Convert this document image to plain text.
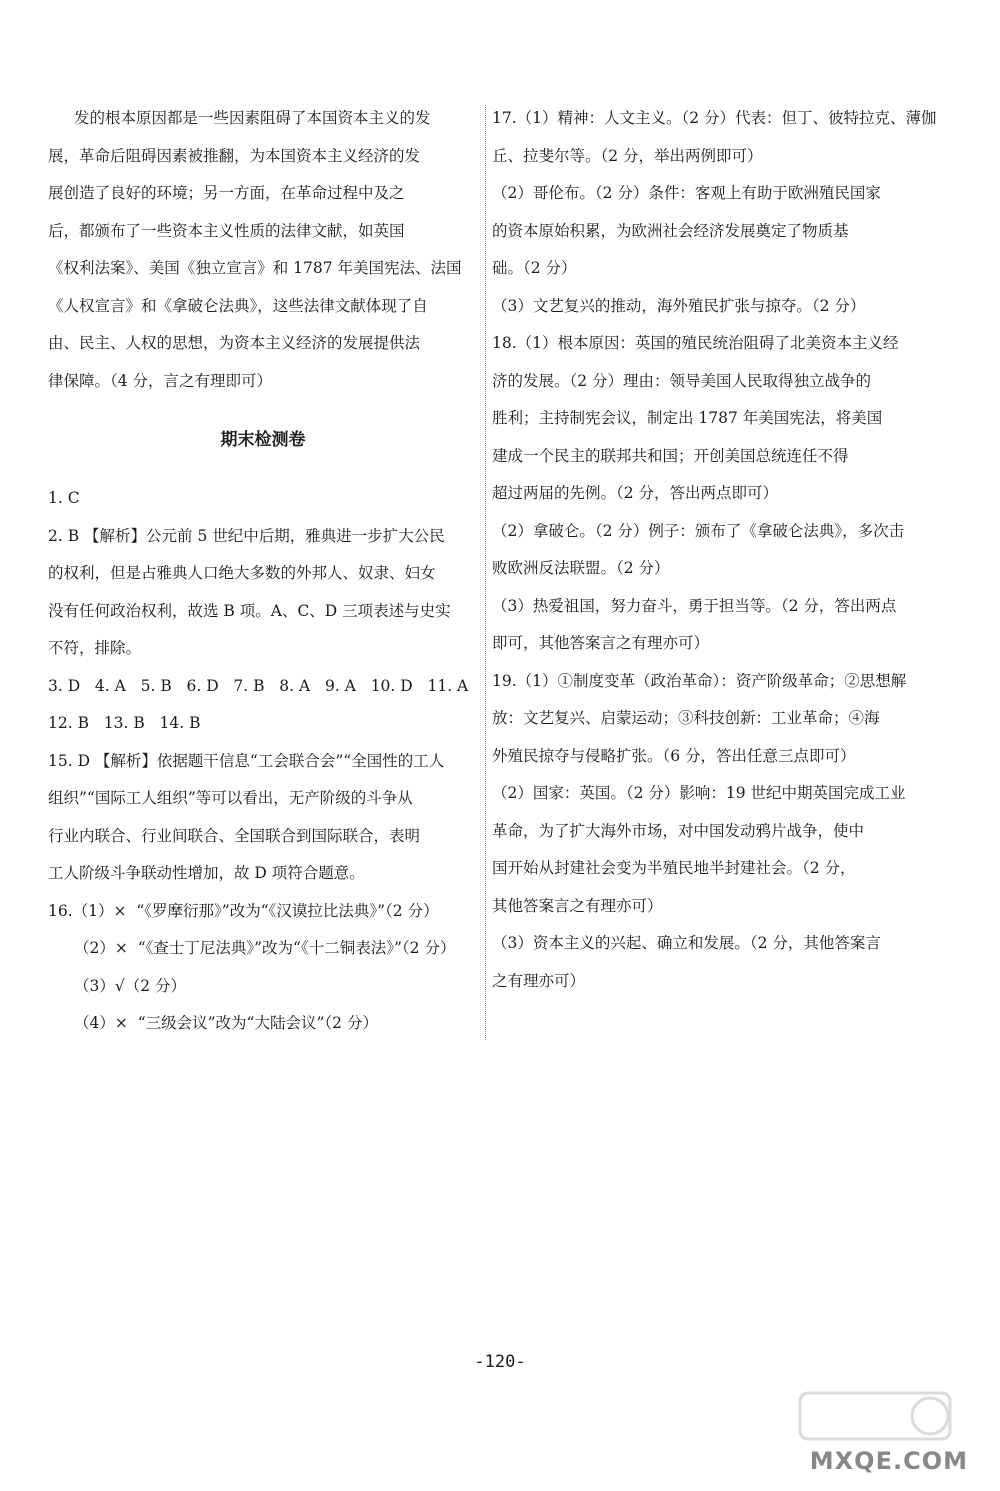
发的根本原因都是一些因素阻碍了本国资本主义的发
展，革命后阻碍因素被推翻，为本国资本主义经济的发
展创造了良好的环境；另一方面，在革命过程中及之
后，都颁布了一些资本主义性质的法律文献，如英国
《权利法案》、美国《独立宣言》和 1787 年美国宪法、法国
《人权宣言》和《拿破仑法典》，这些法律文献体现了自
由、民主、人权的思想，为资本主义经济的发展提供法
律保障。（4 分，言之有理即可）
期末检测卷
1. C
2. B 【解析】公元前 5 世纪中后期，雅典进一步扩大公民
的权利，但是占雅典人口绝大多数的外邦人、奴隶、妇女
没有任何政治权利，故选 B 项。A、C、D 三项表述与史实
不符，排除。
3. D   4. A   5. B   6. D   7. B   8. A   9. A   10. D   11. A
12. B   13. B   14. B
15. D 【解析】依据题干信息“工会联合会”“全国性的工人
组织”“国际工人组织”等可以看出，无产阶级的斗争从
行业内联合、行业间联合、全国联合到国际联合，表明
工人阶级斗争联动性增加，故 D 项符合题意。
16.（1）×  “《罗摩衍那》”改为“《汉谟拉比法典》”（2 分）
（2）×  “《查士丁尼法典》”改为“《十二铜表法》”（2 分）
（3）√（2 分）
（4）×  “三级会议”改为“大陆会议”（2 分）
17.（1）精神：人文主义。（2 分）代表：但丁、彼特拉克、薄伽
丘、拉斐尔等。（2 分，举出两例即可）
（2）哥伦布。（2 分）条件：客观上有助于欧洲殖民国家
的资本原始积累，为欧洲社会经济发展奠定了物质基
础。（2 分）
（3）文艺复兴的推动，海外殖民扩张与掠夺。（2 分）
18.（1）根本原因：英国的殖民统治阻碍了北美资本主义经
济的发展。（2 分）理由：领导美国人民取得独立战争的
胜利；主持制宪会议，制定出 1787 年美国宪法，将美国
建成一个民主的联邦共和国；开创美国总统连任不得
超过两届的先例。（2 分，答出两点即可）
（2）拿破仑。（2 分）例子：颁布了《拿破仑法典》，多次击
败欧洲反法联盟。（2 分）
（3）热爱祖国，努力奋斗，勇于担当等。（2 分，答出两点
即可，其他答案言之有理亦可）
19.（1）①制度变革（政治革命）：资产阶级革命；②思想解
放：文艺复兴、启蒙运动；③科技创新：工业革命；④海
外殖民掠夺与侵略扩张。（6 分，答出任意三点即可）
（2）国家：英国。（2 分）影响：19 世纪中期英国完成工业
革命，为了扩大海外市场，对中国发动鸦片战争，使中
国开始从封建社会变为半殖民地半封建社会。（2 分，
其他答案言之有理亦可）
（3）资本主义的兴起、确立和发展。（2 分，其他答案言
之有理亦可）
-120-
MXQE.COM
